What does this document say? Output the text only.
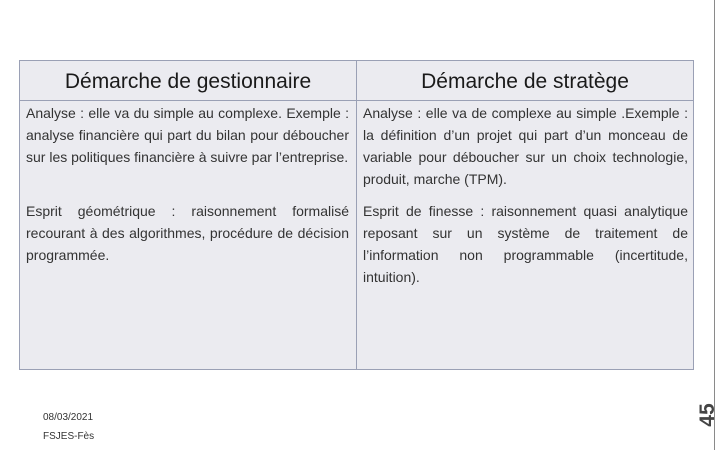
Démarche de gestionnaire	Démarche de stratège
Analyse : elle va du simple au complexe. Exemple : analyse financière qui part du bilan pour déboucher sur les politiques financière à suivre par l’entreprise.
Analyse : elle va de complexe au simple .Exemple : la définition d’un projet qui part d’un monceau de variable pour déboucher sur un choix technologie, produit, marche (TPM).
Esprit géométrique : raisonnement formalisé recourant à des algorithmes, procédure de décision programmée.
Esprit de finesse : raisonnement quasi analytique reposant sur un système de traitement de l’information non programmable (incertitude, intuition).
08/03/2021
FSJES-Fès
45
